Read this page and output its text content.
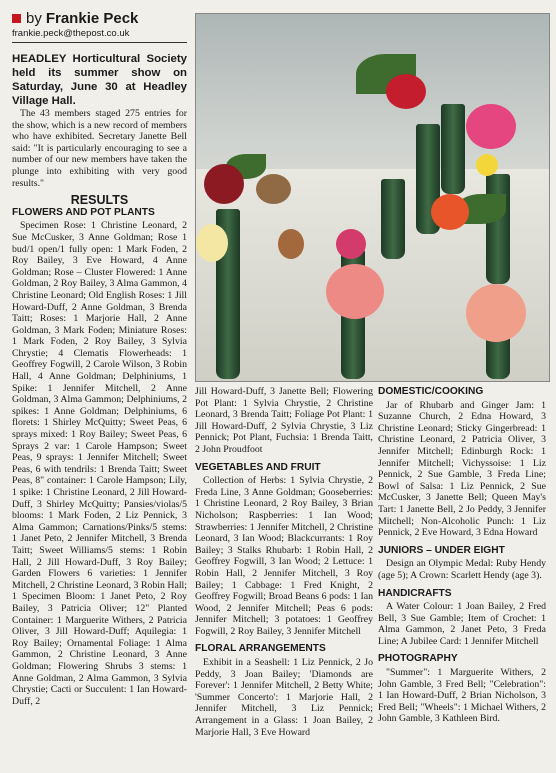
by Frankie Peck
frankie.peck@thepost.co.uk

HEADLEY Horticultural Society held its summer show on Saturday, June 30 at Headley Village Hall.

The 43 members staged 275 entries for the show, which is a new record of members who have exhibited. Secretary Janette Bell said: "It is particularly encouraging to see a number of our new members have taken the plunge into exhibiting with very good results."

RESULTS
FLOWERS AND POT PLANTS

Specimen Rose: 1 Christine Leonard, 2 Sue McCusker, 3 Anne Goldman; Rose 1 bud/1 open/1 fully open: 1 Mark Foden, 2 Roy Bailey, 3 Eve Howard, 4 Anne Goldman; Rose – Cluster Flowered: 1 Anne Goldman, 2 Roy Bailey, 3 Alma Gammon, 4 Christine Leonard; Old English Roses: 1 Jill Howard-Duff, 2 Anne Goldman, 3 Brenda Taitt; Roses: 1 Marjorie Hall, 2 Anne Goldman, 3 Mark Foden; Miniature Roses: 1 Mark Foden, 2 Roy Bailey, 3 Sylvia Chrystie; 4 Clematis Flowerheads: 1 Geoffrey Fogwill, 2 Carole Wilson, 3 Robin Hall, 4 Anne Goldman; Delphiniums, 1 Spike: 1 Jennifer Mitchell, 2 Anne Goldman, 3 Alma Gammon; Delphiniums, 2 spikes: 1 Anne Goldman; Delphiniums, 6 florets: 1 Shirley McQuitty; Sweet Peas, 6 sprays mixed: 1 Roy Bailey; Sweet Peas, 6 Sprays 2 var: 1 Carole Hampson; Sweet Peas, 9 sprays: 1 Jennifer Mitchell; Sweet Peas, 6 with tendrils: 1 Brenda Taitt; Sweet Peas, 8" container: 1 Carole Hampson; Lily, 1 spike: 1 Christine Leonard, 2 Jill Howard-Duff, 3 Shirley McQuitty; Pansies/violas/5 blooms: 1 Mark Foden, 2 Liz Pennick, 3 Alma Gammon; Carnations/Pinks/5 stems: 1 Janet Peto, 2 Jennifer Mitchell, 3 Brenda Taitt; Sweet Williams/5 stems: 1 Robin Hall, 2 Jill Howard-Duff, 3 Roy Bailey; Garden Flowers 6 varieties: 1 Jennifer Mitchell, 2 Christine Leonard, 3 Robin Hall; 1 Specimen Bloom: 1 Janet Peto, 2 Roy Bailey, 3 Patricia Oliver; 12" Planted Container: 1 Marguerite Withers, 2 Patricia Oliver, 3 Jill Howard-Duff; Aquilegia: 1 Roy Bailey; Ornamental Foliage: 1 Alma Gammon, 2 Christine Leonard, 3 Anne Goldman; Flowering Shrubs 3 stems: 1 Anne Goldman, 2 Alma Gammon, 3 Sylvia Chrystie; Cacti or Succulent: 1 Ian Howard-Duff, 2

Jill Howard-Duff, 3 Janette Bell; Flowering Pot Plant: 1 Sylvia Chrystie, 2 Christine Leonard, 3 Brenda Taitt; Foliage Pot Plant: 1 Jill Howard-Duff, 2 Sylvia Chrystie, 3 Liz Pennick; Pot Plant, Fuchsia: 1 Brenda Taitt, 2 John Proudfoot

VEGETABLES AND FRUIT

Collection of Herbs: 1 Sylvia Chrystie, 2 Freda Line, 3 Anne Goldman; Gooseberries: 1 Christine Leonard, 2 Roy Bailey, 3 Brian Nicholson; Raspberries: 1 Ian Wood; Strawberries: 1 Jennifer Mitchell, 2 Christine Leonard, 3 Ian Wood; Blackcurrants: 1 Roy Bailey; 3 Stalks Rhubarb: 1 Robin Hall, 2 Geoffrey Fogwill, 3 Ian Wood; 2 Lettuce: 1 Robin Hall, 2 Jennifer Mitchell, 3 Roy Bailey; 1 Cabbage: 1 Fred Knight, 2 Geoffrey Fogwill; Broad Beans 6 pods: 1 Ian Wood, 2 Jennifer Mitchell; Peas 6 pods: Jennifer Mitchell; 3 potatoes: 1 Geoffrey Fogwill, 2 Roy Bailey, 3 Jennifer Mitchell

FLORAL ARRANGEMENTS

Exhibit in a Seashell: 1 Liz Pennick, 2 Jo Peddy, 3 Joan Bailey; 'Diamonds are Forever': 1 Jennifer Mitchell, 2 Betty White; 'Summer Concerto': 1 Marjorie Hall, 2 Jennifer Mitchell, 3 Liz Pennick; Arrangement in a Glass: 1 Joan Bailey, 2 Marjorie Hall, 3 Eve Howard

DOMESTIC/COOKING

Jar of Rhubarb and Ginger Jam: 1 Suzanne Church, 2 Edna Howard, 3 Christine Leonard; Sticky Gingerbread: 1 Christine Leonard, 2 Patricia Oliver, 3 Jennifer Mitchell; Edinburgh Rock: 1 Jennifer Mitchell; Vichyssoise: 1 Liz Pennick, 2 Sue Gamble, 3 Freda Line; Bowl of Salsa: 1 Liz Pennick, 2 Sue McCusker, 3 Janette Bell; Queen May's Tart: 1 Janette Bell, 2 Jo Peddy, 3 Jennifer Mitchell; Non-Alcoholic Punch: 1 Liz Pennick, 2 Eve Howard, 3 Edna Howard

JUNIORS – UNDER EIGHT

Design an Olympic Medal: Ruby Hendy (age 5); A Crown: Scarlett Hendy (age 3).

HANDICRAFTS

A Water Colour: 1 Joan Bailey, 2 Fred Bell, 3 Sue Gamble; Item of Crochet: 1 Alma Gammon, 2 Janet Peto, 3 Freda Line; A Jubilee Card: 1 Jennifer Mitchell

PHOTOGRAPHY

"Summer": 1 Marguerite Withers, 2 John Gamble, 3 Fred Bell; "Celebration": 1 Ian Howard-Duff, 2 Brian Nicholson, 3 Fred Bell; "Wheels": 1 Michael Withers, 2 John Gamble, 3 Kathleen Bird.
